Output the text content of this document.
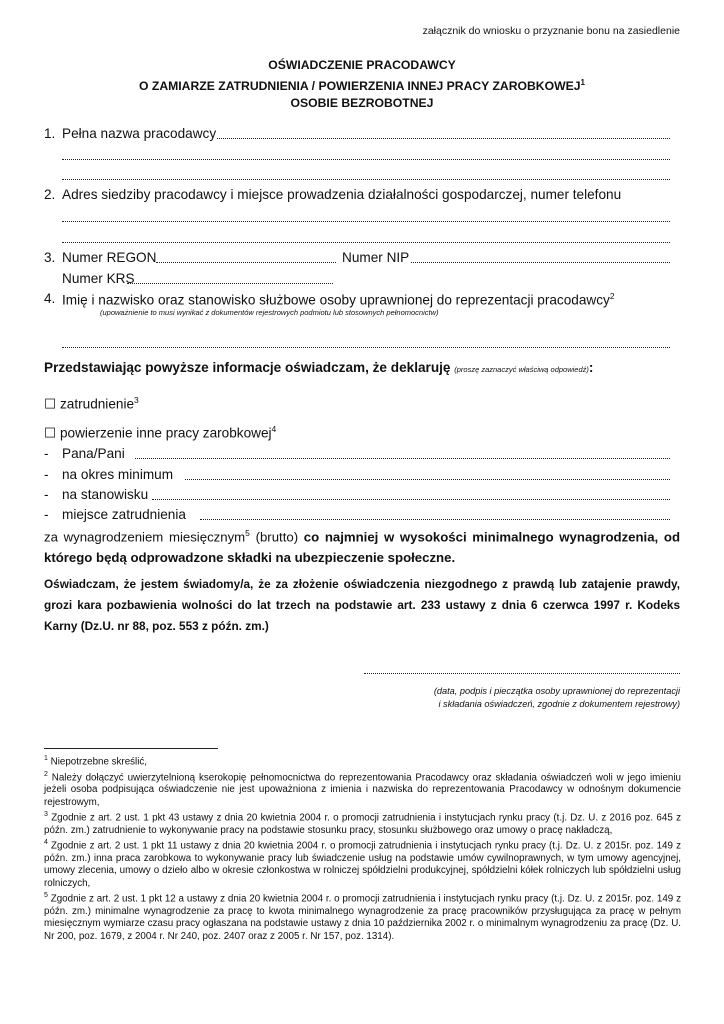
załącznik do wniosku o przyznanie bonu na zasiedlenie
OŚWIADCZENIE PRACODAWCY
O ZAMIARZE ZATRUDNIENIA / POWIERZENIA INNEJ PRACY ZAROBKOWEJ$^1$
OSOBIE BEZROBOTNEJ
1. Pełna nazwa pracodawcy
2. Adres siedziby pracodawcy i miejsce prowadzenia działalności gospodarczej, numer telefonu
3. Numer REGON	Numer NIP
Numer KRS
4. Imię i nazwisko oraz stanowisko służbowe osoby uprawnionej do reprezentacji pracodawcy$^2$
(upoważnienie to musi wynikać z dokumentów rejestrowych podmiotu lub stosownych pełnomocnictw)
Przedstawiając powyższe informacje oświadczam, że deklaruję (proszę zaznaczyć właściwą odpowiedź):
☐ zatrudnienie$^3$
☐ powierzenie inne pracy zarobkowej$^4$
- Pana/Pani
- na okres minimum
- na stanowisku
- miejsce zatrudnienia
za wynagrodzeniem miesięcznym$^5$ (brutto) co najmniej w wysokości minimalnego wynagrodzenia, od którego będą odprowadzone składki na ubezpieczenie społeczne.
Oświadczam, że jestem świadomy/a, że za złożenie oświadczenia niezgodnego z prawdą lub zatajenie prawdy, grozi kara pozbawienia wolności do lat trzech na podstawie art. 233 ustawy z dnia 6 czerwca 1997 r. Kodeks Karny (Dz.U. nr 88, poz. 553 z późn. zm.)
(data, podpis i pieczątka osoby uprawnionej do reprezentacji
i składania oświadczeń, zgodnie z dokumentem rejestrowy)

$^1$ Niepotrzebne skreślić,

$^2$ Należy dołączyć uwierzytelnioną kserokopię pełnomocnictwa do reprezentowania Pracodawcy oraz składania oświadczeń woli w jego imieniu jeżeli osoba podpisująca oświadczenie nie jest upoważniona z imienia i nazwiska do reprezentowania Pracodawcy w odnośnym dokumencie rejestrowym,

$^3$ Zgodnie z art. 2 ust. 1 pkt 43 ustawy z dnia 20 kwietnia 2004 r. o promocji zatrudnienia i instytucjach rynku pracy (t.j. Dz. U. z 2016 poz. 645 z późn. zm.) zatrudnienie to wykonywanie pracy na podstawie stosunku pracy, stosunku służbowego oraz umowy o pracę nakładczą,

$^4$ Zgodnie z art. 2 ust. 1 pkt 11 ustawy z dnia 20 kwietnia 2004 r. o promocji zatrudnienia i instytucjach rynku pracy (t.j. Dz. U. z 2015r. poz. 149 z późn. zm.) inna praca zarobkowa to wykonywanie pracy lub świadczenie usług na podstawie umów cywilnoprawnych, w tym umowy agencyjnej, umowy zlecenia, umowy o dzieło albo w okresie członkostwa w rolniczej spółdzielni produkcyjnej, spółdzielni kółek rolniczych lub spółdzielni usług rolniczych,

$^5$ Zgodnie z art. 2 ust. 1 pkt 12 a ustawy z dnia 20 kwietnia 2004 r. o promocji zatrudnienia i instytucjach rynku pracy (t.j. Dz. U. z 2015r. poz. 149 z późn. zm.) minimalne wynagrodzenie za pracę to kwota minimalnego wynagrodzenie za pracę pracowników przysługująca za pracę w pełnym miesięcznym wymiarze czasu pracy ogłaszana na podstawie ustawy z dnia 10 października 2002 r. o minimalnym wynagrodzeniu za pracę (Dz. U. Nr 200, poz. 1679, z 2004 r. Nr 240, poz. 2407 oraz z 2005 r. Nr 157, poz. 1314).
